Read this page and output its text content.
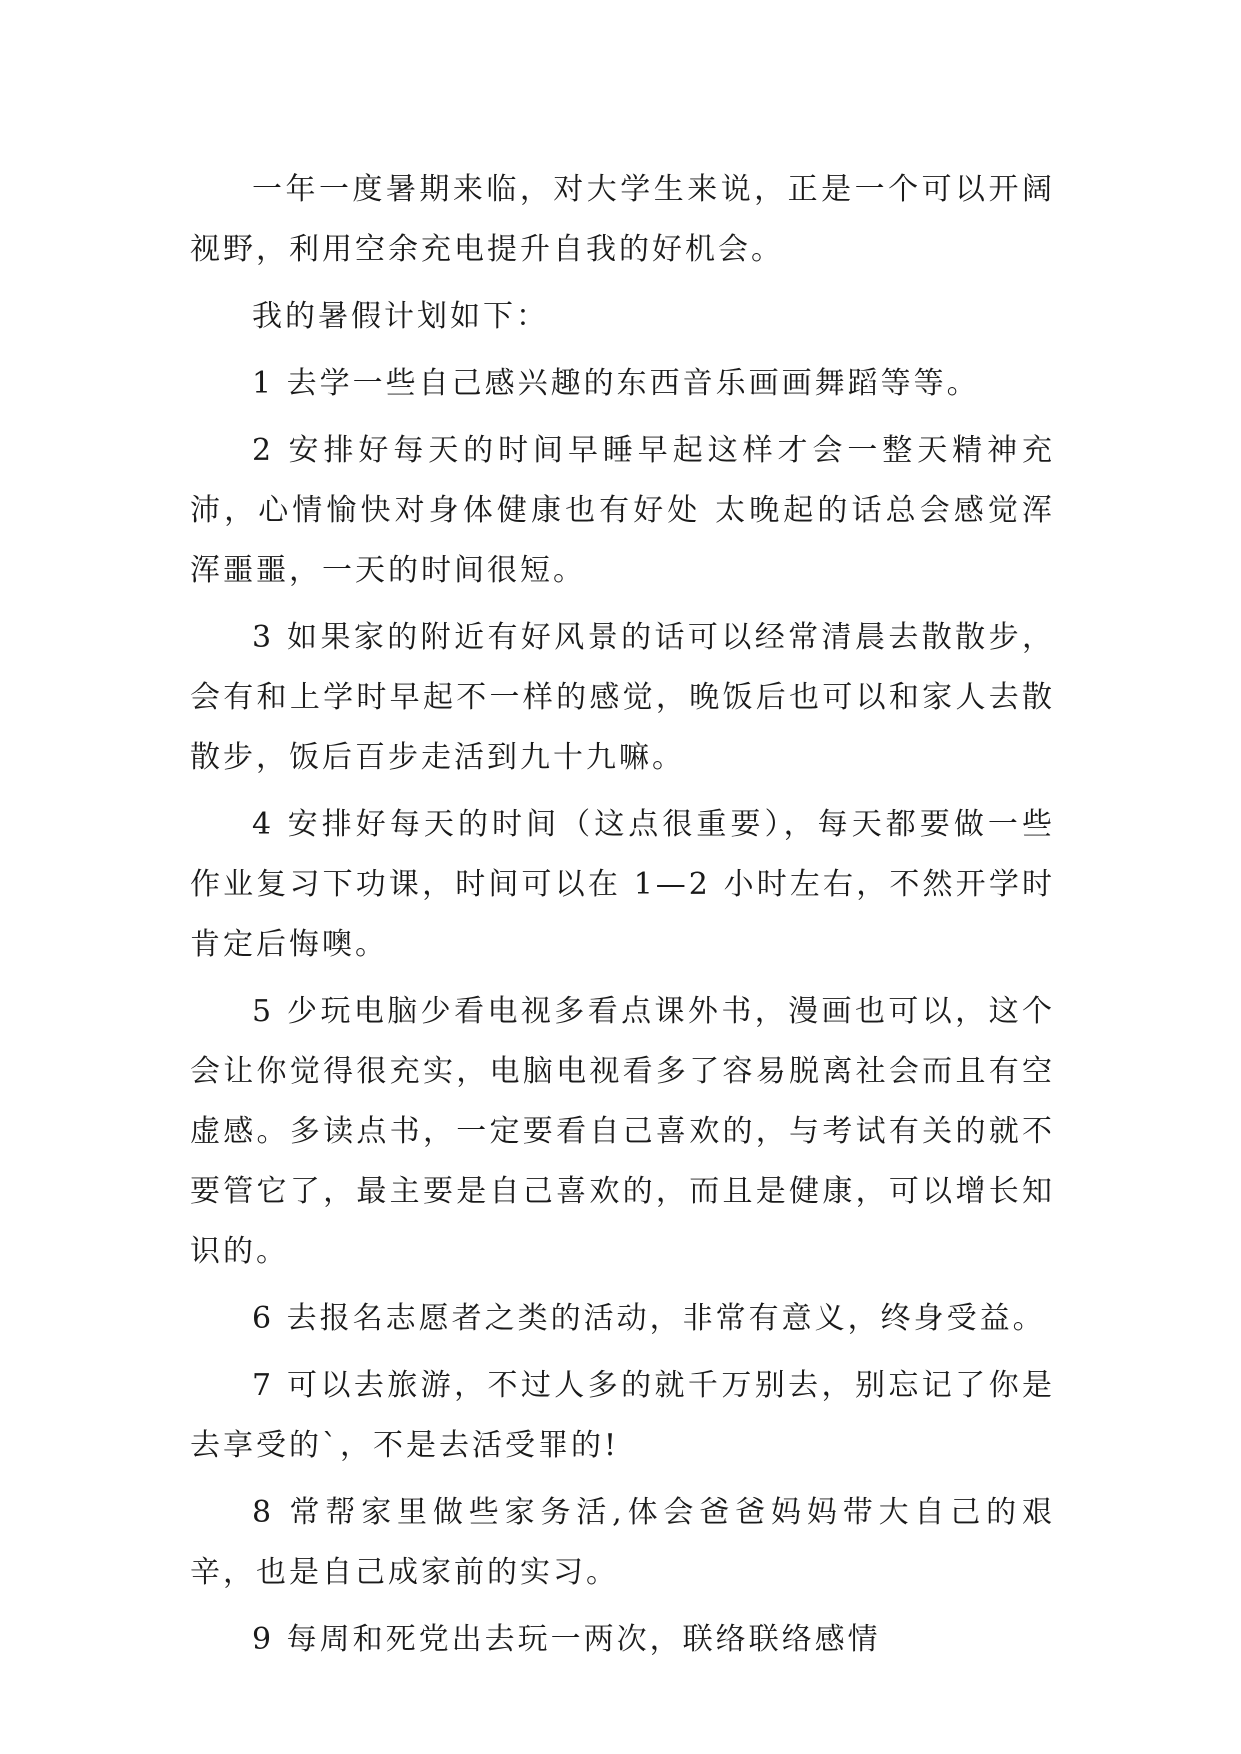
一年一度暑期来临，对大学生来说，正是一个可以开阔视野，利用空余充电提升自我的好机会。

我的暑假计划如下：

1 去学一些自己感兴趣的东西音乐画画舞蹈等等。

2 安排好每天的时间早睡早起这样才会一整天精神充沛，心情愉快对身体健康也有好处 太晚起的话总会感觉浑浑噩噩，一天的时间很短。

3 如果家的附近有好风景的话可以经常清晨去散散步，会有和上学时早起不一样的感觉，晚饭后也可以和家人去散散步，饭后百步走活到九十九嘛。

4 安排好每天的时间（这点很重要），每天都要做一些作业复习下功课，时间可以在 1—2 小时左右，不然开学时肯定后悔噢。

5 少玩电脑少看电视多看点课外书，漫画也可以，这个会让你觉得很充实，电脑电视看多了容易脱离社会而且有空虚感。多读点书，一定要看自己喜欢的，与考试有关的就不要管它了，最主要是自己喜欢的，而且是健康，可以增长知识的。

6 去报名志愿者之类的活动，非常有意义，终身受益。

7 可以去旅游，不过人多的就千万别去，别忘记了你是去享受的`，不是去活受罪的!

8 常帮家里做些家务活,体会爸爸妈妈带大自己的艰辛，也是自己成家前的实习。

9 每周和死党出去玩一两次，联络联络感情
